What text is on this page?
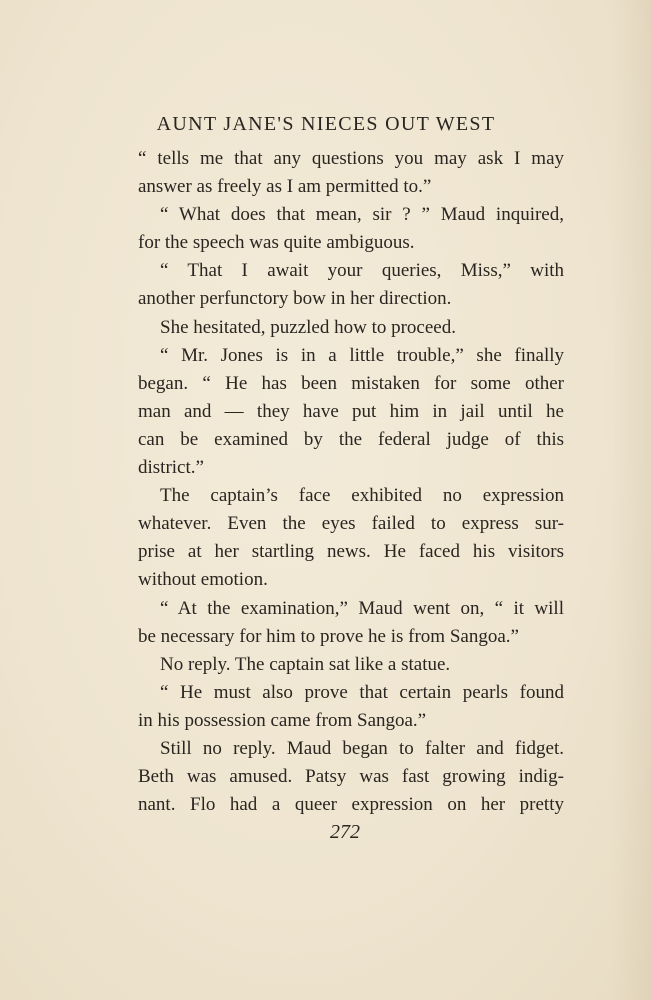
AUNT JANE'S NIECES OUT WEST
“ tells me that any questions you may ask I may
answer as freely as I am permitted to.”
“ What does that mean, sir ? ” Maud inquired,
for the speech was quite ambiguous.
“ That I await your queries, Miss,” with
another perfunctory bow in her direction.
She hesitated, puzzled how to proceed.
“ Mr. Jones is in a little trouble,” she finally
began. “ He has been mistaken for some other
man and — they have put him in jail until he
can be examined by the federal judge of this
district.”
The captain’s face exhibited no expression
whatever. Even the eyes failed to express sur-
prise at her startling news. He faced his visitors
without emotion.
“ At the examination,” Maud went on, “ it will
be necessary for him to prove he is from Sangoa.”
No reply. The captain sat like a statue.
“ He must also prove that certain pearls found
in his possession came from Sangoa.”
Still no reply. Maud began to falter and fidget.
Beth was amused. Patsy was fast growing indig-
nant. Flo had a queer expression on her pretty
272
